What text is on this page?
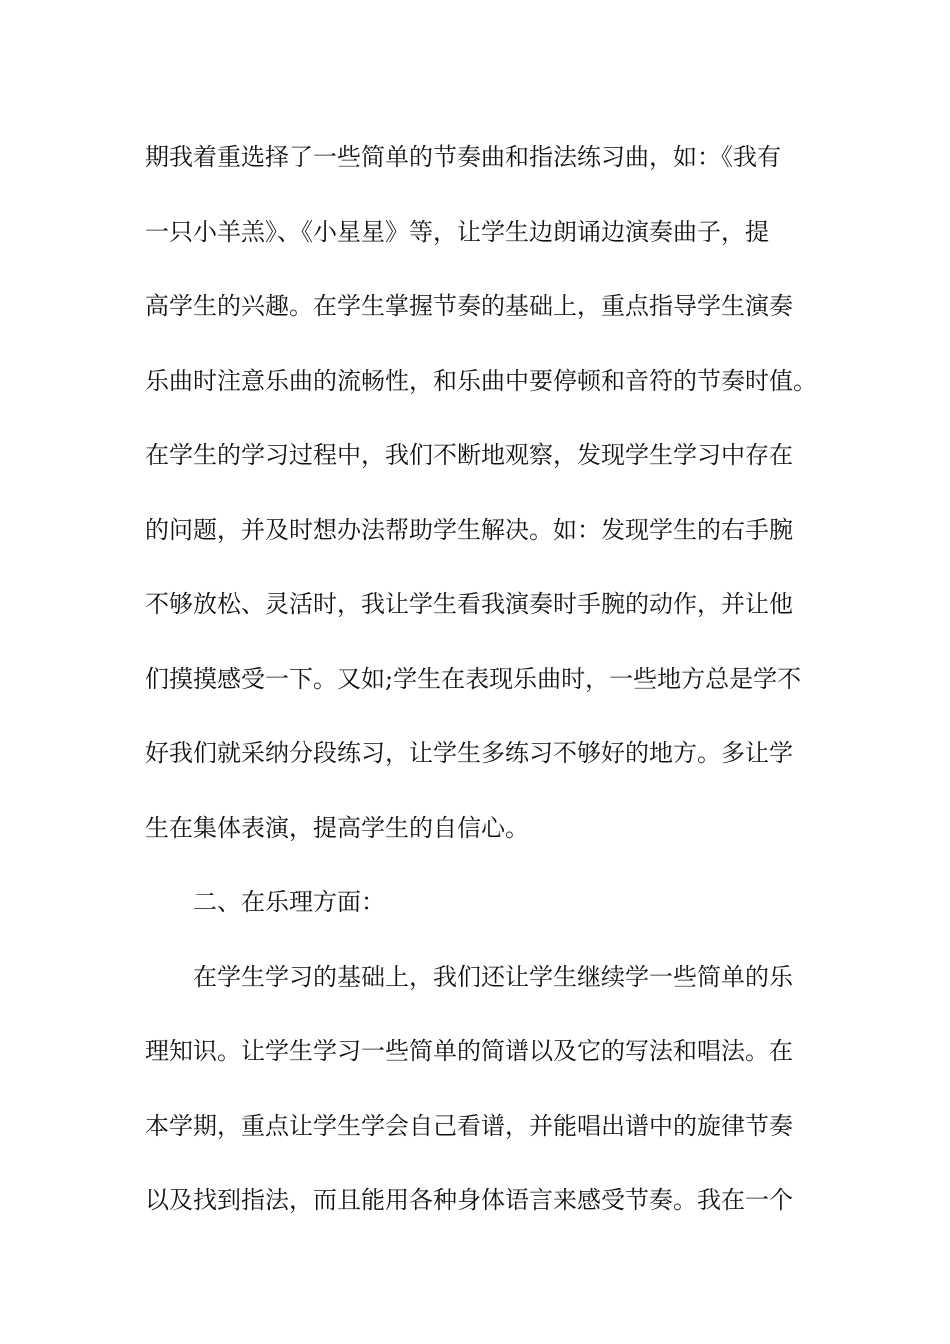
期我着重选择了一些简单的节奏曲和指法练习曲，如：《我有
一只小羊羔》、《小星星》等，让学生边朗诵边演奏曲子，提
高学生的兴趣。在学生掌握节奏的基础上，重点指导学生演奏
乐曲时注意乐曲的流畅性，和乐曲中要停顿和音符的节奏时值。
在学生的学习过程中，我们不断地观察，发现学生学习中存在
的问题，并及时想办法帮助学生解决。如：发现学生的右手腕
不够放松、灵活时，我让学生看我演奏时手腕的动作，并让他
们摸摸感受一下。又如;学生在表现乐曲时，一些地方总是学不
好我们就采纳分段练习，让学生多练习不够好的地方。多让学
生在集体表演，提高学生的自信心。
二、在乐理方面：
在学生学习的基础上，我们还让学生继续学一些简单的乐
理知识。让学生学习一些简单的简谱以及它的写法和唱法。在
本学期，重点让学生学会自己看谱，并能唱出谱中的旋律节奏
以及找到指法，而且能用各种身体语言来感受节奏。我在一个
